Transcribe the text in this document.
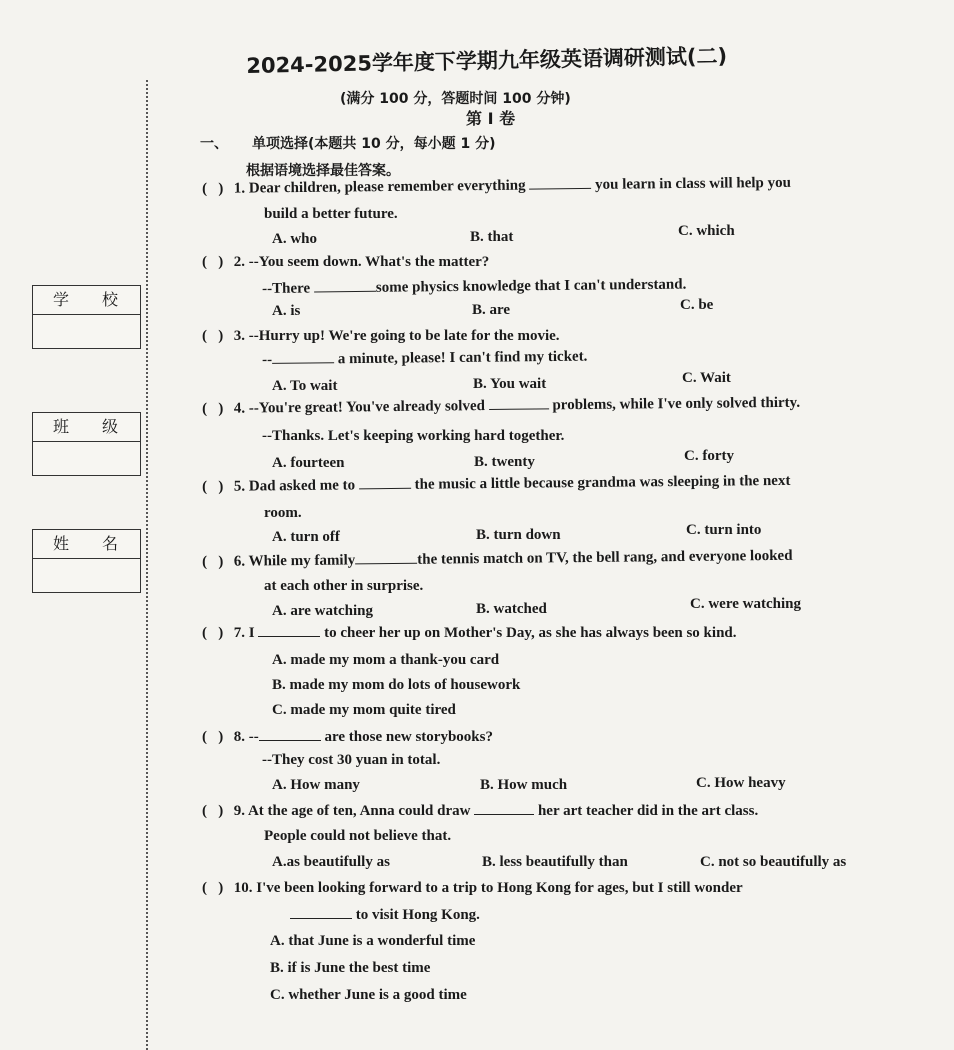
学 校
班 级
姓 名
2024-2025学年度下学期九年级英语调研测试(二)
(满分 100 分，答题时间 100 分钟)
第 I 卷
一、 单项选择(本题共 10 分，每小题 1 分)
根据语境选择最佳答案。
( ) 1. Dear children, please remember everything	you learn in class will help you
build a better future.
A. who	B. that	C. which
( ) 2. --You seem down. What's the matter?
--There	some physics knowledge that I can't understand.
A. is	B. are	C. be
( ) 3. --Hurry up! We're going to be late for the movie.
--	a minute, please! I can't find my ticket.
A. To wait	B. You wait	C. Wait
( ) 4. --You're great! You've already solved	problems, while I've only solved thirty.
--Thanks. Let's keeping working hard together.
A. fourteen	B. twenty	C. forty
( ) 5. Dad asked me to	the music a little because grandma was sleeping in the next
room.
A. turn off	B. turn down	C. turn into
( ) 6. While my family	the tennis match on TV, the bell rang, and everyone looked
at each other in surprise.
A. are watching	B. watched	C. were watching
( ) 7. I	to cheer her up on Mother's Day, as she has always been so kind.
A. made my mom a thank-you card
B. made my mom do lots of housework
C. made my mom quite tired
( ) 8. --	are those new storybooks?
--They cost 30 yuan in total.
A. How many	B. How much	C. How heavy
( ) 9. At the age of ten, Anna could draw	her art teacher did in the art class.
People could not believe that.
A.as beautifully as	B. less beautifully than	C. not so beautifully as
( ) 10. I've been looking forward to a trip to Hong Kong for ages, but I still wonder
to visit Hong Kong.
A. that June is a wonderful time
B. if is June the best time
C. whether June is a good time
